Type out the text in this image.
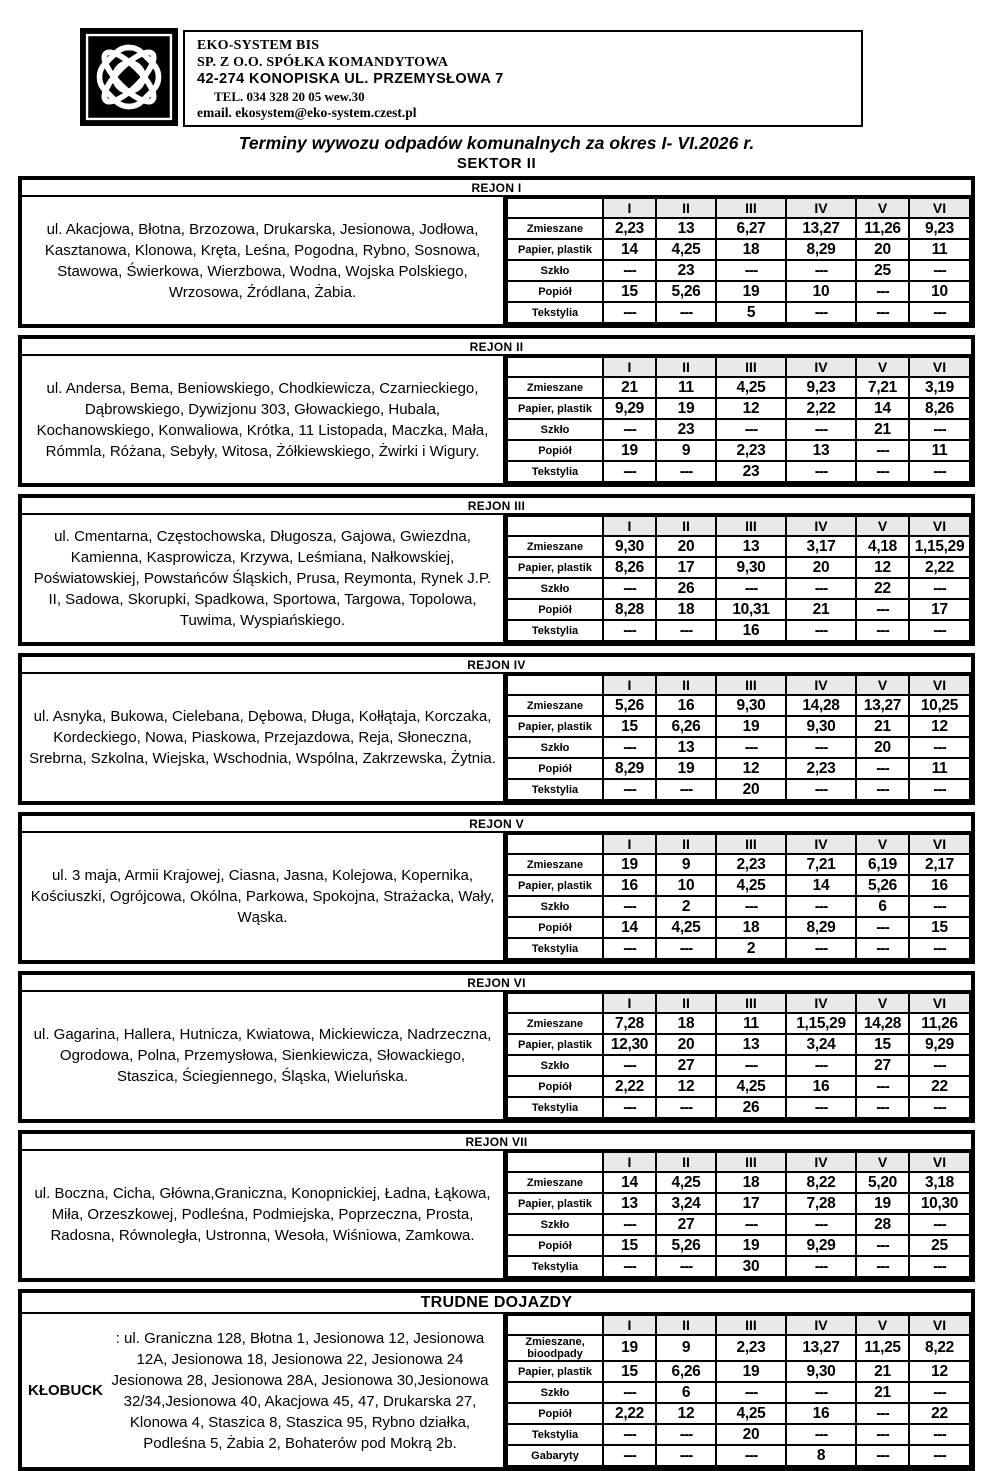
EKO-SYSTEM BIS
SP. Z O.O. SPÓŁKA KOMANDYTOWA
42-274 KONOPISKA UL. PRZEMYSŁOWA 7
TEL. 034 328 20 05 wew.30
email. ekosystem@eko-system.czest.pl
Terminy wywozu odpadów komunalnych za okres I- VI.2026 r.
SEKTOR II
REJON I
ul. Akacjowa, Błotna, Brzozowa, Drukarska, Jesionowa, Jodłowa, Kasztanowa, Klonowa, Kręta, Leśna, Pogodna, Rybno, Sosnowa, Stawowa, Świerkowa, Wierzbowa, Wodna, Wojska Polskiego, Wrzosowa, Źródlana, Żabia.
	I	II	III	IV	V	VI
Zmieszane	2,23	13	6,27	13,27	11,26	9,23
Papier, plastik	14	4,25	18	8,29	20	11
Szkło	---	23	---	---	25	---
Popiół	15	5,26	19	10	---	10
Tekstylia	---	---	5	---	---	---
REJON II
ul. Andersa, Bema, Beniowskiego, Chodkiewicza, Czarnieckiego, Dąbrowskiego, Dywizjonu 303, Głowackiego, Hubala, Kochanowskiego, Konwaliowa, Krótka, 11 Listopada, Maczka, Mała, Rómmla, Różana, Sebyły, Witosa, Żółkiewskiego, Żwirki i Wigury.
	I	II	III	IV	V	VI
Zmieszane	21	11	4,25	9,23	7,21	3,19
Papier, plastik	9,29	19	12	2,22	14	8,26
Szkło	---	23	---	---	21	---
Popiół	19	9	2,23	13	---	11
Tekstylia	---	---	23	---	---	---
REJON III
ul. Cmentarna, Częstochowska, Długosza, Gajowa, Gwiezdna, Kamienna, Kasprowicza, Krzywa, Leśmiana, Nałkowskiej, Poświatowskiej, Powstańców Śląskich, Prusa, Reymonta, Rynek J.P. II, Sadowa, Skorupki, Spadkowa, Sportowa, Targowa, Topolowa, Tuwima, Wyspiańskiego.
	I	II	III	IV	V	VI
Zmieszane	9,30	20	13	3,17	4,18	1,15,29
Papier, plastik	8,26	17	9,30	20	12	2,22
Szkło	---	26	---	---	22	---
Popiół	8,28	18	10,31	21	---	17
Tekstylia	---	---	16	---	---	---
REJON IV
ul. Asnyka, Bukowa, Cielebana, Dębowa, Długa, Kołłątaja, Korczaka, Kordeckiego, Nowa, Piaskowa, Przejazdowa, Reja, Słoneczna, Srebrna, Szkolna, Wiejska, Wschodnia, Wspólna, Zakrzewska, Żytnia.
	I	II	III	IV	V	VI
Zmieszane	5,26	16	9,30	14,28	13,27	10,25
Papier, plastik	15	6,26	19	9,30	21	12
Szkło	---	13	---	---	20	---
Popiół	8,29	19	12	2,23	---	11
Tekstylia	---	---	20	---	---	---
REJON V
ul. 3 maja, Armii Krajowej, Ciasna, Jasna, Kolejowa, Kopernika, Kościuszki, Ogrójcowa, Okólna, Parkowa, Spokojna, Strażacka, Wały, Wąska.
	I	II	III	IV	V	VI
Zmieszane	19	9	2,23	7,21	6,19	2,17
Papier, plastik	16	10	4,25	14	5,26	16
Szkło	---	2	---	---	6	---
Popiół	14	4,25	18	8,29	---	15
Tekstylia	---	---	2	---	---	---
REJON VI
ul. Gagarina, Hallera, Hutnicza, Kwiatowa, Mickiewicza, Nadrzeczna, Ogrodowa, Polna, Przemysłowa, Sienkiewicza, Słowackiego, Staszica, Ściegiennego, Śląska, Wieluńska.
	I	II	III	IV	V	VI
Zmieszane	7,28	18	11	1,15,29	14,28	11,26
Papier, plastik	12,30	20	13	3,24	15	9,29
Szkło	---	27	---	---	27	---
Popiół	2,22	12	4,25	16	---	22
Tekstylia	---	---	26	---	---	---
REJON VII
ul. Boczna, Cicha, Główna,Graniczna, Konopnickiej, Ładna, Łąkowa, Miła, Orzeszkowej, Podleśna, Podmiejska, Poprzeczna, Prosta, Radosna, Równoległa, Ustronna, Wesoła, Wiśniowa, Zamkowa.
	I	II	III	IV	V	VI
Zmieszane	14	4,25	18	8,22	5,20	3,18
Papier, plastik	13	3,24	17	7,28	19	10,30
Szkło	---	27	---	---	28	---
Popiół	15	5,26	19	9,29	---	25
Tekstylia	---	---	30	---	---	---
TRUDNE DOJAZDY
KŁOBUCK
: ul. Graniczna 128, Błotna 1, Jesionowa 12, Jesionowa 12A, Jesionowa 18, Jesionowa 22, Jesionowa 24 Jesionowa 28, Jesionowa 28A, Jesionowa 30,Jesionowa 32/34,Jesionowa 40, Akacjowa 45, 47, Drukarska 27, Klonowa 4, Staszica 8, Staszica 95, Rybno działka, Podleśna 5, Żabia 2, Bohaterów pod Mokrą 2b.
	I	II	III	IV	V	VI
Zmieszane, bioodpady	19	9	2,23	13,27	11,25	8,22
Papier, plastik	15	6,26	19	9,30	21	12
Szkło	---	6	---	---	21	---
Popiół	2,22	12	4,25	16	---	22
Tekstylia	---	---	20	---	---	---
Gabaryty	---	---	---	8	---	---
